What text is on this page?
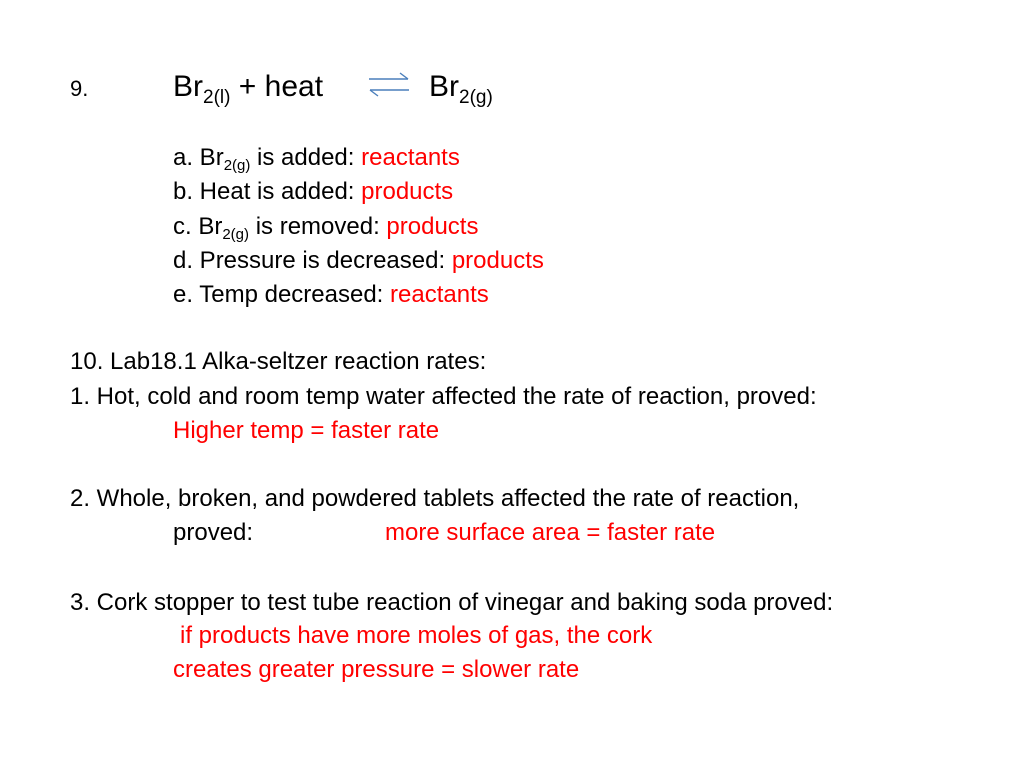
9.	$Br_{2(l)}$ + heat	⇌ $Br_{2(g)}$
a. $Br_{2(g)}$ is added: reactants
b. Heat is added: products
c. $Br_{2(g)}$ is removed: products
d. Pressure is decreased: products
e. Temp decreased: reactants
10. Lab18.1 Alka-seltzer reaction rates:
1. Hot, cold and room temp water affected the rate of reaction, proved:
Higher temp = faster rate
2. Whole, broken, and powdered tablets affected the rate of reaction,
proved:	more surface area = faster rate
3. Cork stopper to test tube reaction of vinegar and baking soda proved:
if products have more moles of gas, the cork
creates greater pressure = slower rate
